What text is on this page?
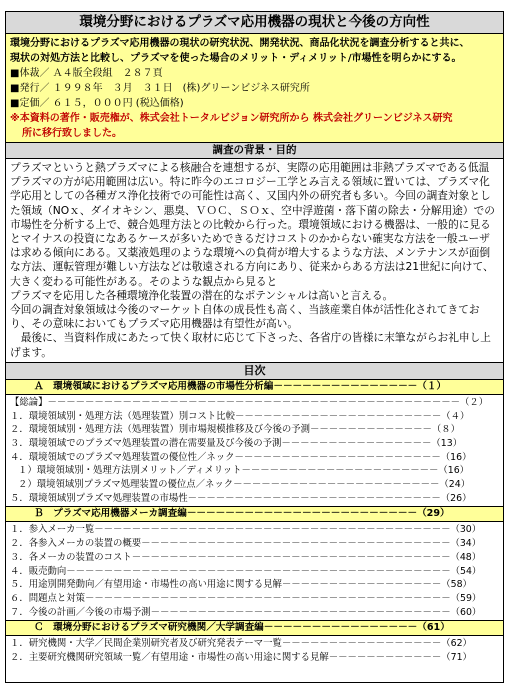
環境分野におけるプラズマ応用機器の現状と今後の方向性
環境分野におけるプラズマ応用機器の現状の研究状況、開発状況、商品化状況を調査分析すると共に、
現状の対処方法と比較し、プラズマを使った場合のメリット・ディメリット/市場性を明らかにする。
■体裁／ Ａ４版全段組　２８７頁
■発行／ １９９８年　３月　３１日　(株)グリーンビジネス研究所
■定価／ ６１５，０００円 (税込価格)
※本資料の著作・販売権が、株式会社トータルビジョン研究所から 株式会社グリーンビジネス研究
所に移行致しました。
調査の背景・目的

プラズマというと熱プラズマによる核融合を連想するが、実際の応用範囲は非熱プラズマである低温プラズマの方が応用範囲は広い。特に昨今のエコロジー工学とみ言える領域に置いては、プラズマ化学応用としての各種ガス浄化技術での可能性は高く、又国内外の研究者も多い。今回の調査対象とした領域（NOｘ、ダイオキシン、悪臭、ＶＯＣ、ＳＯｘ、空中浮遊菌・落下菌の除去・分解用途）での市場性を分析する上で、競合処理方法との比較から行った。環境領域における機器は、一般的に見るとマイナスの投資になあるケースが多いためできるだけコストのかからない確実な方法を一般ユーザは求める傾向にある。又薬液処理のような環境への負荷が増大するような方法、メンテナンスが面倒な方法、運転管理が難しい方法などは敬遠される方向にあり、従来からある方法は21世紀に向けて、大きく変わる可能性がある。そのような観点から見ると

プラズマを応用した各種環境浄化装置の潜在的なポテンシャルは高いと言える。

今回の調査対象領域は今後のマーケット自体の成長性も高く、当該産業自体が活性化されてきており、その意味においてもプラズマ応用機器は有望性が高い。

　最後に、当資料作成にあたって快く取材に応じて下さった、各省庁の皆様に末筆ながらお礼申し上げます。

目次
Ａ　環境領域におけるプラズマ応用機器の市場性分析編－－－－－－－－－－－－－－－（１）
【総論】－－－－－－－－－－－－－－－－－－－－－－－－－－－－－－－－－－－－－－－－－－－－（２）
１．環境領域別・処理方法（処理装置）別コスト比較－－－－－－－－－－－－－－－－－－－－－－（４）
２．環境領域別・処理方法（処理装置）別市場規模推移及び今後の予測－－－－－－－－－－－－－（８）
３．環境領域でのプラズマ処理装置の潜在需要量及び今後の予測－－－－－－－－－－－－－－－－（13）
４．環境領域でのプラズマ処理装置の優位性／ネック－－－－－－－－－－－－－－－－－－－－－－（16）
１）環境領域別・処理方法別メリット／ディメリット－－－－－－－－－－－－－－－－－－－－－（16）
２）環境領域別プラズマ処理装置の優位点／ネック－－－－－－－－－－－－－－－－－－－－－－（24）
５．環境領域別プラズマ処理装置の市場性－－－－－－－－－－－－－－－－－－－－－－－－－－－（26）
Ｂ　プラズマ応用機器メーカ調査編－－－－－－－－－－－－－－－－－－－－－－－－（29）
１．参入メーカ一覧－－－－－－－－－－－－－－－－－－－－－－－－－－－－－－－－－－－－－－（30）
２．各参入メーカの装置の概要－－－－－－－－－－－－－－－－－－－－－－－－－－－－－－－－－（34）
３．各メーカの装置のコスト－－－－－－－－－－－－－－－－－－－－－－－－－－－－－－－－－－（48）
４．販売動向－－－－－－－－－－－－－－－－－－－－－－－－－－－－－－－－－－－－－－－－－（54）
５．用途別開発動向／有望用途・市場性の高い用途に関する見解－－－－－－－－－－－－－－－－－（58）
６．問題点と対策－－－－－－－－－－－－－－－－－－－－－－－－－－－－－－－－－－－－－－－（59）
７．今後の計画／今後の市場予測－－－－－－－－－－－－－－－－－－－－－－－－－－－－－－－－（60）
Ｃ　環境分野におけるプラズマ研究機関／大学調査編－－－－－－－－－－－－－－－－（61）
１．研究機関・大学／民間企業別研究者及び研究発表テーマ一覧－－－－－－－－－－－－－－－－－（62）
２．主要研究機関研究領域一覧／有望用途・市場性の高い用途に関する見解－－－－－－－－－－－－（71）
